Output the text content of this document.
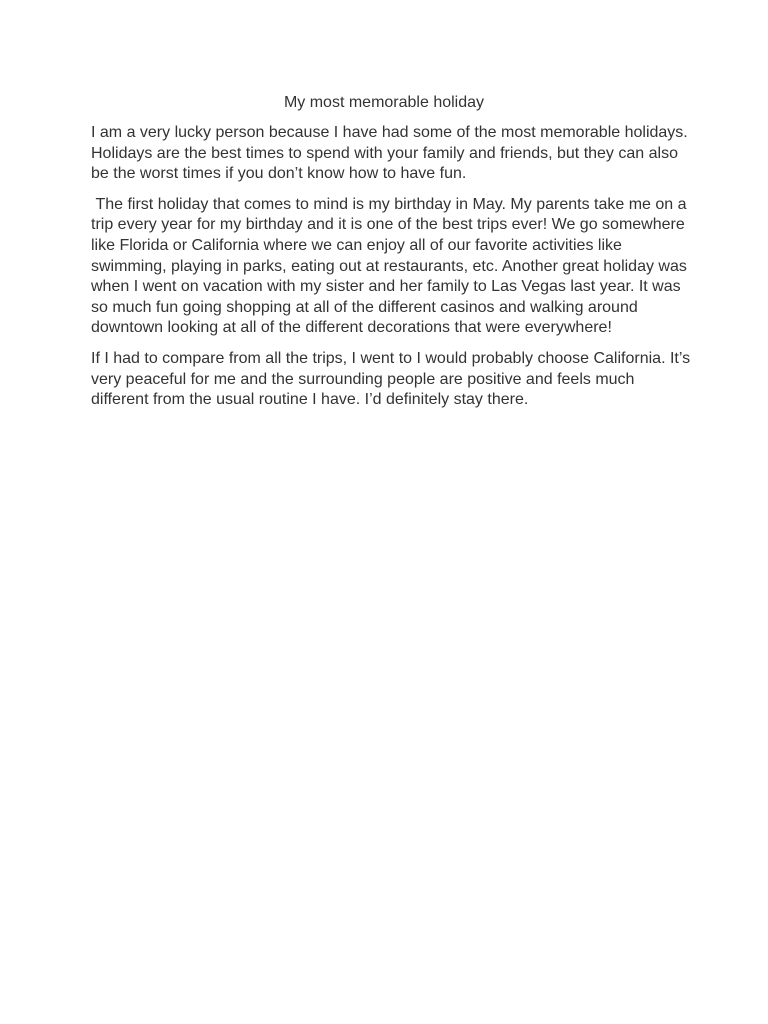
My most memorable holiday

I am a very lucky person because I have had some of the most memorable holidays. Holidays are the best times to spend with your family and friends, but they can also be the worst times if you don’t know how to have fun.

The first holiday that comes to mind is my birthday in May. My parents take me on a trip every year for my birthday and it is one of the best trips ever! We go somewhere like Florida or California where we can enjoy all of our favorite activities like swimming, playing in parks, eating out at restaurants, etc. Another great holiday was when I went on vacation with my sister and her family to Las Vegas last year. It was so much fun going shopping at all of the different casinos and walking around downtown looking at all of the different decorations that were everywhere!

If I had to compare from all the trips, I went to I would probably choose California. It’s very peaceful for me and the surrounding people are positive and feels much different from the usual routine I have. I’d definitely stay there.
